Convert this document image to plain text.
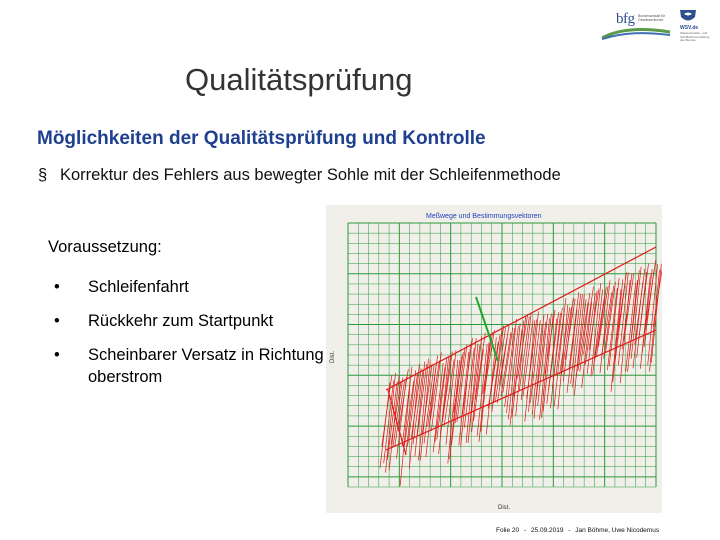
bfg Bundesanstalt für Gewässerkunde
WSV.de
Wasserstraßen- und Schifffahrtsverwaltung des Bundes
Qualitätsprüfung
Möglichkeiten der Qualitätsprüfung und Kontrolle
§ Korrektur des Fehlers aus bewegter Sohle mit der Schleifenmethode
Meßwege und Bestimmungsvektoren
Dist.
Dist.
Voraussetzung:
• Schleifenfahrt
• Rückkehr zum Startpunkt
• Scheinbarer Versatz in Richtung oberstrom
Folie 20 - 25.09.2019 - Jan Böhme, Uwe Nicodemus
